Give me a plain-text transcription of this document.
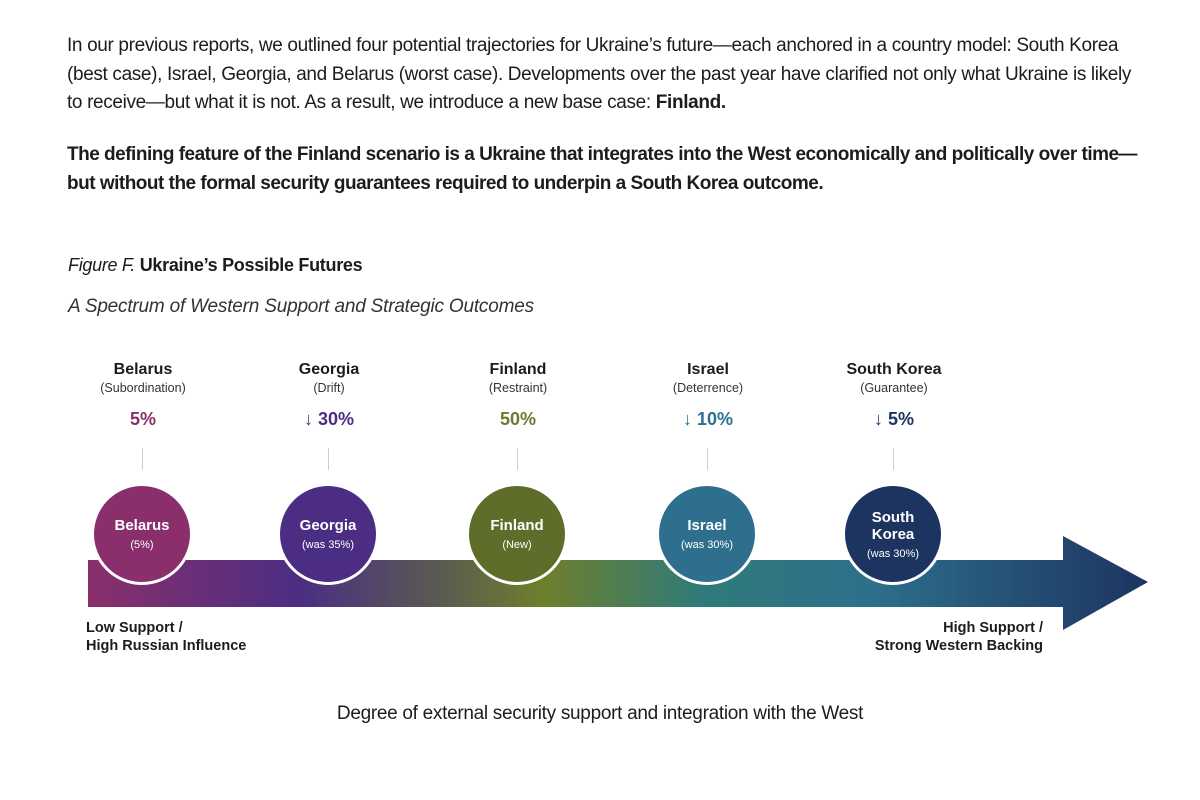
In our previous reports, we outlined four potential trajectories for Ukraine’s future—each anchored in a country model: South Korea (best case), Israel, Georgia, and Belarus (worst case). Developments over the past year have clarified not only what Ukraine is likely to receive—but what it is not. As a result, we introduce a new base case: Finland.

The defining feature of the Finland scenario is a Ukraine that integrates into the West economically and politically over time—but without the formal security guarantees required to underpin a South Korea outcome.

Figure F. Ukraine’s Possible Futures
A Spectrum of Western Support and Strategic Outcomes
Belarus
(Subordination)
5%
Georgia
(Drift)
↓ 30%
Finland
(Restraint)
50%
Israel
(Deterrence)
↓ 10%
South Korea
(Guarantee)
↓ 5%
Belarus
(5%)
Georgia
(was 35%)
Finland
(New)
Israel
(was 30%)
South Korea
(was 30%)
Low Support /
High Russian Influence
High Support /
Strong Western Backing
Degree of external security support and integration with the West
